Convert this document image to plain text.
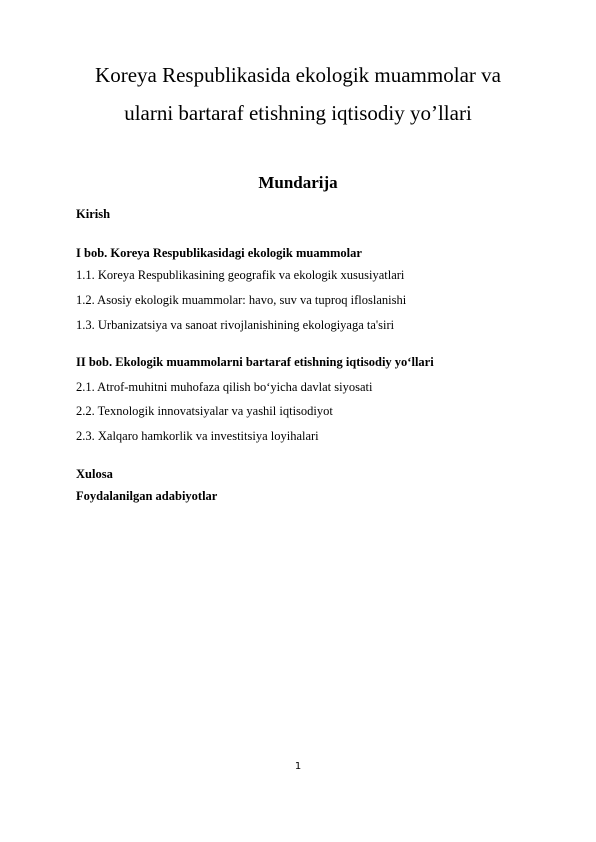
Koreya Respublikasida ekologik muammolar va
ularni bartaraf etishning iqtisodiy yo’llari
Mundarija
Kirish
I bob. Koreya Respublikasidagi ekologik muammolar
1.1. Koreya Respublikasining geografik va ekologik xususiyatlari
1.2. Asosiy ekologik muammolar: havo, suv va tuproq ifloslanishi
1.3. Urbanizatsiya va sanoat rivojlanishining ekologiyaga ta'siri
II bob. Ekologik muammolarni bartaraf etishning iqtisodiy yo‘llari
2.1. Atrof-muhitni muhofaza qilish bo‘yicha davlat siyosati
2.2. Texnologik innovatsiyalar va yashil iqtisodiyot
2.3. Xalqaro hamkorlik va investitsiya loyihalari
Xulosa
Foydalanilgan adabiyotlar
1
